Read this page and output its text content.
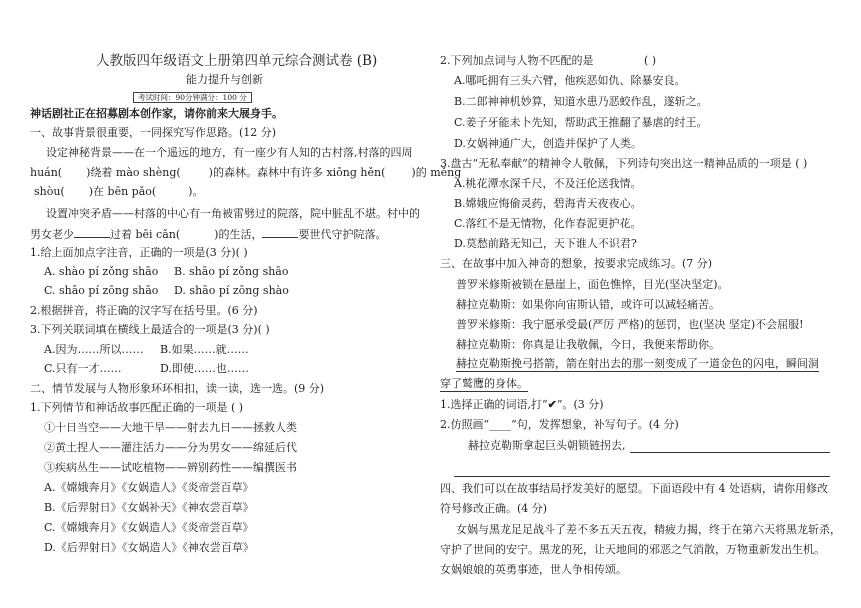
人教版四年级语文上册第四单元综合测试卷 (B)
能力提升与创新
考试时间：90分钟满分：100 分
神话剧社正在招募剧本创作家，请你前来大展身手。
一、故事背景很重要，一同探究写作思路。(12 分)
设定神秘背景——在一个遥远的地方，有一座少有人知的古村落,村落的四周
huán( )绕着 mào shèng(	)的森林。森林中有许多 xiōng hěn( )的 měng
shòu( )在 bēn pǎo(	)。
设置冲突矛盾——村落的中心有一角被雷劈过的院落，院中脏乱不堪。村中的
男女老少	过着 bēi cǎn(	)的生活，	要世代守护院落。
1.给上面加点字注音，正确的一项是(3 分)( )
A. shào pí zǒng shāo B. shāo pí zǒng shāo
C. shāo pí zōng shāo D. shāo pí zōng shào
2.根据拼音，将正确的汉字写在括号里。(6 分)
3.下列关联词填在横线上最适合的一项是(3 分)( )
A.因为……所以…… B.如果……就……
C.只有一才……	D.即使……也……
二、情节发展与人物形象环环相扣，读一读，选一选。(9 分)
1.下列情节和神话故事匹配正确的一项是 ( )
①十日当空——大地干旱——射去九日——拯救人类
②黄土捏人——灌注活力——分为男女——绵延后代
③疾病丛生——试吃植物——辨别药性——编撰医书
A.《嫦娥奔月》《女娲造人》《炎帝尝百草》
B.《后羿射日》《女娲补天》《神农尝百草》
C.《嫦娥奔月》《女娲造人》《炎帝尝百草》
D.《后羿射日》《女娲造人》《神农尝百草》
2.下列加点词与人物不匹配的是	( )
A.哪吒拥有三头六臂，他疾恶如仇、除暴安良。
B.二郎神神机妙算，知道水患乃恶蛟作乱，遂斩之。
C.姜子牙能未卜先知，帮助武王推翻了暴虐的纣王。
D.女娲神通广大，创造并保护了人类。
3.盘古“无私奉献”的精神令人敬佩，下列诗句突出这一精神品质的一项是 ( )
A.桃花潭水深千尺，不及汪伦送我情。
B.嫦娥应悔偷灵药，碧海青天夜夜心。
C.落红不是无情物，化作春泥更护花。
D.莫愁前路无知己，天下谁人不识君?
三、在故事中加入神奇的想象，按要求完成练习。(7 分)
普罗米修斯被锁在悬崖上，面色憔悴，目光(坚决坚定)。
赫拉克勒斯：如果你向宙斯认错，或许可以减轻痛苦。
普罗米修斯：我宁愿承受最(严厉 严格)的惩罚，也(坚决 坚定)不会屈服!
赫拉克勒斯：你真是让我敬佩，今日，我便来帮助你。
赫拉克勒斯挽弓搭箭，箭在射出去的那一刻变成了一道金色的闪电，瞬间洞
穿了鹫鹰的身体。
1.选择正确的词语,打“✔”。(3 分)
2.仿照画“____”句，发挥想象，补写句子。(4 分)
赫拉克勒斯拿起巨头朝锁链拐去,
四、我们可以在故事结局抒发美好的愿望。下面语段中有 4 处语病，请你用修改
符号修改正确。(4 分)
女娲与黑龙足足战斗了差不多五天五夜，精疲力揭，终于在第六天将黑龙斩杀，
守护了世间的安宁。黑龙的死，让天地间的邪恶之气消散，万物重新发出生机。
女娲娘娘的英勇事迹，世人争相传颂。
